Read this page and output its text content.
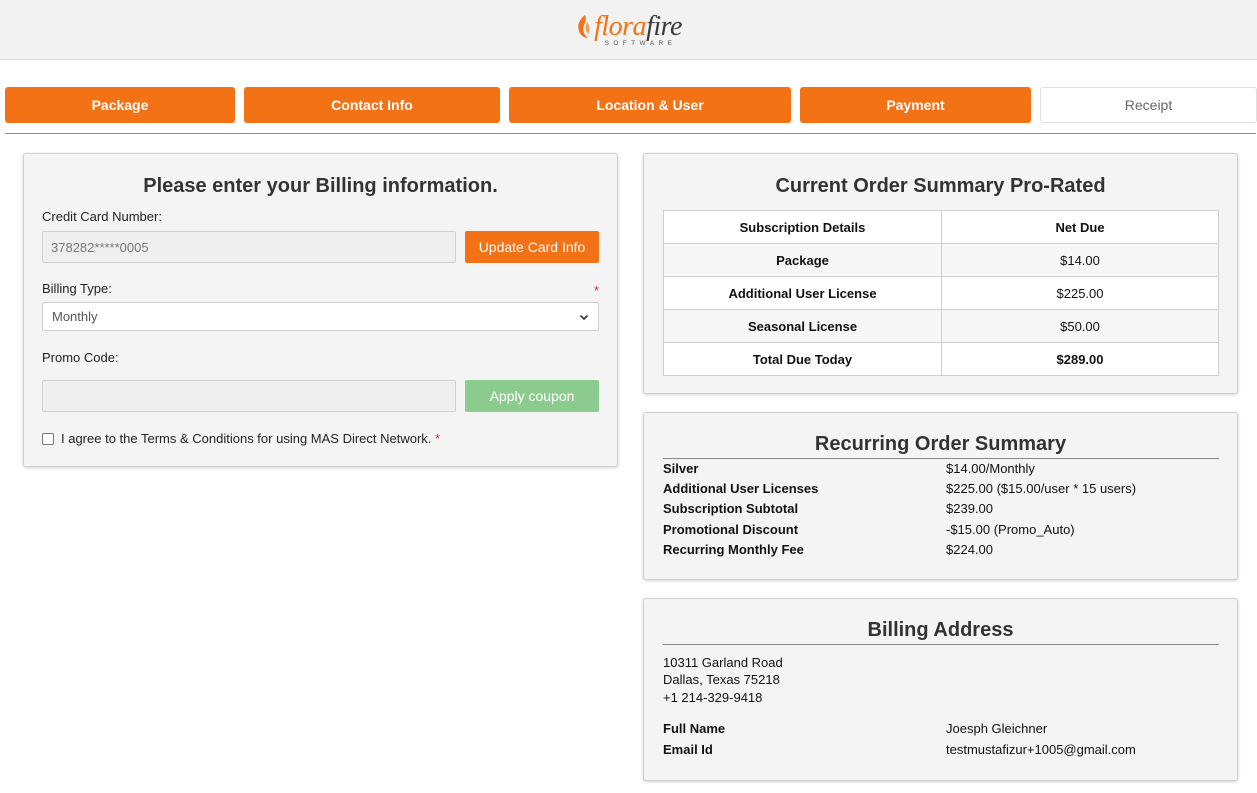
florafire
SOFTWARE
Package	Contact Info	Location & User	Payment	Receipt
Please enter your Billing information.
Credit Card Number:
378282*****0005	Update Card Info
Billing Type:	*
Monthly
Promo Code:
Apply coupon
I agree to the Terms & Conditions for using MAS Direct Network. *
Current Order Summary Pro-Rated
Subscription Details	Net Due
Package	$14.00
Additional User License	$225.00
Seasonal License	$50.00
Total Due Today	$289.00
Recurring Order Summary
Silver	$14.00/Monthly
Additional User Licenses	$225.00 ($15.00/user * 15 users)
Subscription Subtotal	$239.00
Promotional Discount	-$15.00 (Promo_Auto)
Recurring Monthly Fee	$224.00
Billing Address
10311 Garland Road
Dallas, Texas 75218
+1 214-329-9418
Full Name	Joesph Gleichner
Email Id	testmustafizur+1005@gmail.com
